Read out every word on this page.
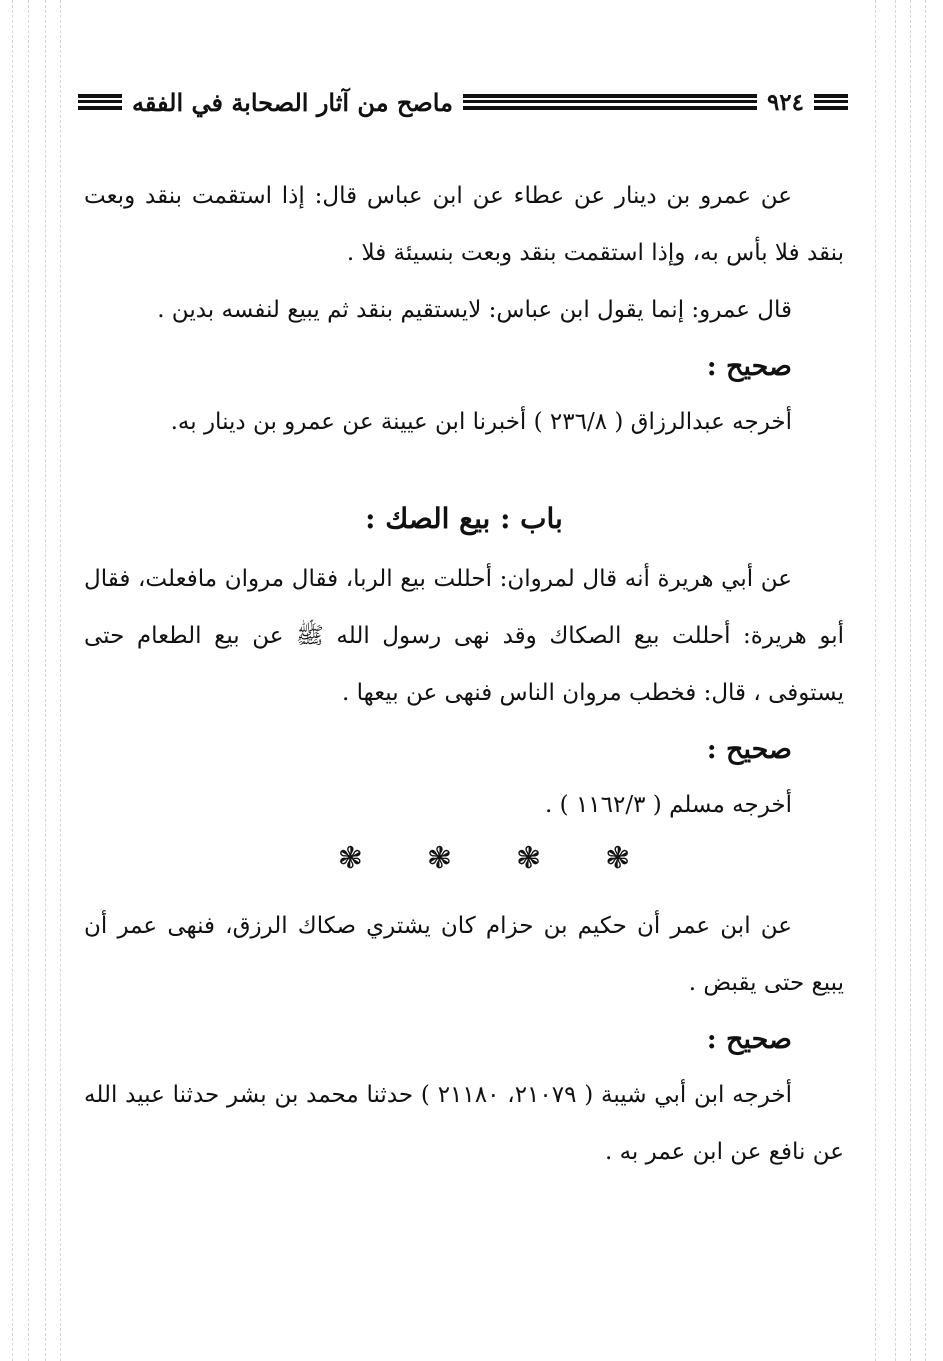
٩٢٤
ماصح من آثار الصحابة في الفقه

عن عمرو بن دينار عن عطاء عن ابن عباس قال: إذا استقمت بنقد وبعت بنقد فلا بأس به، وإذا استقمت بنقد وبعت بنسيئة فلا .

قال عمرو: إنما يقول ابن عباس: لايستقيم بنقد ثم يبيع لنفسه بدين .

صحيح :

أخرجه عبدالرزاق ( ٢٣٦/٨ ) أخبرنا ابن عيينة عن عمرو بن دينار به.

باب : بيع الصك :

عن أبي هريرة أنه قال لمروان: أحللت بيع الربا، فقال مروان مافعلت، فقال أبو هريرة: أحللت بيع الصكاك وقد نهى رسول الله ﷺ عن بيع الطعام حتى يستوفى ، قال: فخطب مروان الناس فنهى عن بيعها .

صحيح :

أخرجه مسلم ( ١١٦٢/٣ ) .

❃ ❃ ❃ ❃

عن ابن عمر أن حكيم بن حزام كان يشتري صكاك الرزق، فنهى عمر أن يبيع حتى يقبض .

صحيح :

أخرجه ابن أبي شيبة ( ٢١٠٧٩، ٢١١٨٠ ) حدثنا محمد بن بشر حدثنا عبيد الله عن نافع عن ابن عمر به .
